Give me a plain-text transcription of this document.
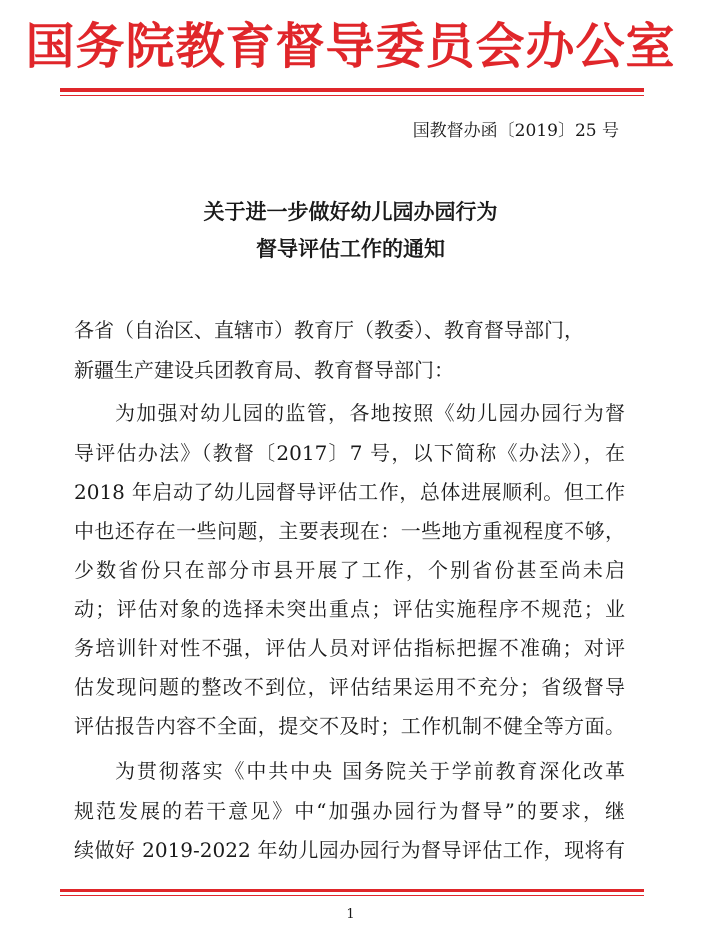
国务院教育督导委员会办公室
国教督办函〔2019〕25 号
关于进一步做好幼儿园办园行为
督导评估工作的通知
各省（自治区、直辖市）教育厅（教委）、教育督导部门，
新疆生产建设兵团教育局、教育督导部门：
为加强对幼儿园的监管，各地按照《幼儿园办园行为督
导评估办法》（教督〔2017〕7 号，以下简称《办法》），在
2018 年启动了幼儿园督导评估工作，总体进展顺利。但工作
中也还存在一些问题，主要表现在：一些地方重视程度不够，
少数省份只在部分市县开展了工作，个别省份甚至尚未启
动；评估对象的选择未突出重点；评估实施程序不规范；业
务培训针对性不强，评估人员对评估指标把握不准确；对评
估发现问题的整改不到位，评估结果运用不充分；省级督导
评估报告内容不全面，提交不及时；工作机制不健全等方面。
为贯彻落实《中共中央 国务院关于学前教育深化改革
规范发展的若干意见》中“加强办园行为督导”的要求，继
续做好 2019-2022 年幼儿园办园行为督导评估工作，现将有
1
